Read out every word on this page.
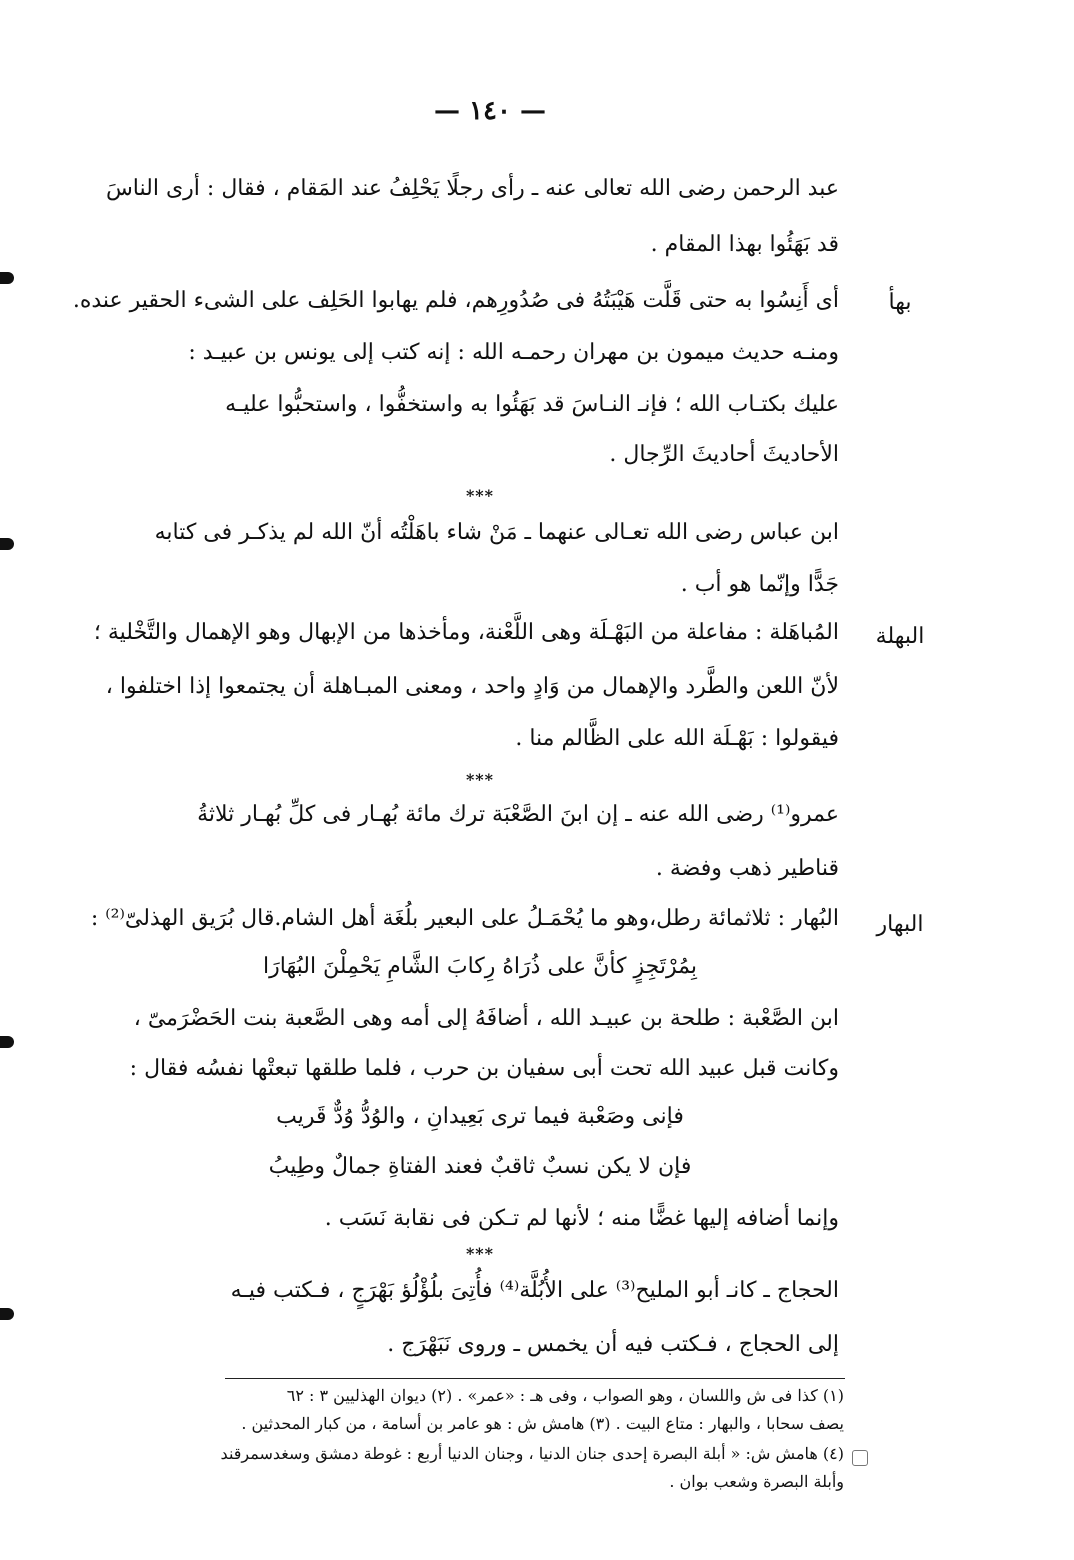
— ١٤٠ —
بهأ
البهلة
البهار
عبد الرحمن رضى الله تعالى عنه ـ رأى رجلًا يَحْلِفُ عند المَقام ، فقال : أرى الناسَ
قد بَهَئُوا بهذا المقام .
أى أَنِسُوا به حتى قَلَّت هَيْبَتُهُ فى صُدُورِهم، فلم يهابوا الحَلِف على الشىء الحقير عنده.
ومنـه حديث ميمون بن مهران رحمـه الله : إنه كتب إلى يونس بن عبيـد :
عليك بكتـاب الله ؛ فإنـ النـاسَ قد بَهَئُوا به واستخفُّوا ، واستحبُّوا عليـه
الأحاديثَ أحاديثَ الرِّجال .
***
ابن عباس رضى الله تعـالى عنهما ـ مَنْ شاء باهَلْتُه أنّ الله لم يذكـر فى كتابه
جَدًّا وإنّما هو أب .
المُباهَلة : مفاعلة من البَهْـلَة وهى اللَّعْنة، ومأخذها من الإبهال وهو الإهمال والتَّخْلية ؛
لأنّ اللعن والطَّرد والإهمال من وَادٍ واحد ، ومعنى المبـاهلة أن يجتمعوا إذا اختلفوا ،
فيقولوا : بَهْـلَة الله على الظَّالم منا .
***
عمرو⁽¹⁾ رضى الله عنه ـ إن ابنَ الصَّعْبَة ترك مائة بُهـار فى كلِّ بُهـار ثلاثةُ
قناطير ذهب وفضة .
البُهار : ثلاثمائة رطل،وهو ما يُحْمَـلُ على البعير بلُغَة أهل الشام.قال بُرَيق الهذلىّ⁽²⁾ :
بِمُرْتَجِزٍ كأنَّ على ذُرَاهُ رِكابَ الشَّامِ يَحْمِلْنَ البُهَارَا
ابن الصَّعْبة : طلحة بن عبيـد الله ، أضافَهُ إلى أمه وهى الصَّعبة بنت الحَضْرَمىّ ،
وكانت قبل عبيد الله تحت أبى سفيان بن حرب ، فلما طلقها تبعتْها نفسُه فقال :
فإنى وصَعْبة فيما ترى بَعِيدانِ ، والوُدُّ وُدٌّ قَريب
فإن لا يكن نسبٌ ثاقبٌ فعند الفتاةِ جمالٌ وطِيبُ
وإنما أضافه إليها غضًّا منه ؛ لأنها لم تـكن فى نقابة نَسَب .
***
الحجاج ـ كانـ أبو المليح⁽³⁾ على الأُبُلَّة⁽⁴⁾ فأُتِىَ بلُؤْلُؤ بَهْرَجٍ ، فـكتب فيـه
إلى الحجاج ، فـكتب فيه أن يخمس ـ وروى نَبَهْرَج .
(١) كذا فى ش واللسان ، وهو الصواب ، وفى هـ : «عمر» . (٢) ديوان الهذليين ٣ : ٦٢
يصف سحابا ، والبهار : متاع البيت . (٣) هامش ش : هو عامر بن أسامة ، من كبار المحدثين .
(٤) هامش ش: « أبلة البصرة إحدى جنان الدنيا ، وجنان الدنيا أربع : غوطة دمشق وسغدسمرقند
وأبلة البصرة وشعب بوان .
